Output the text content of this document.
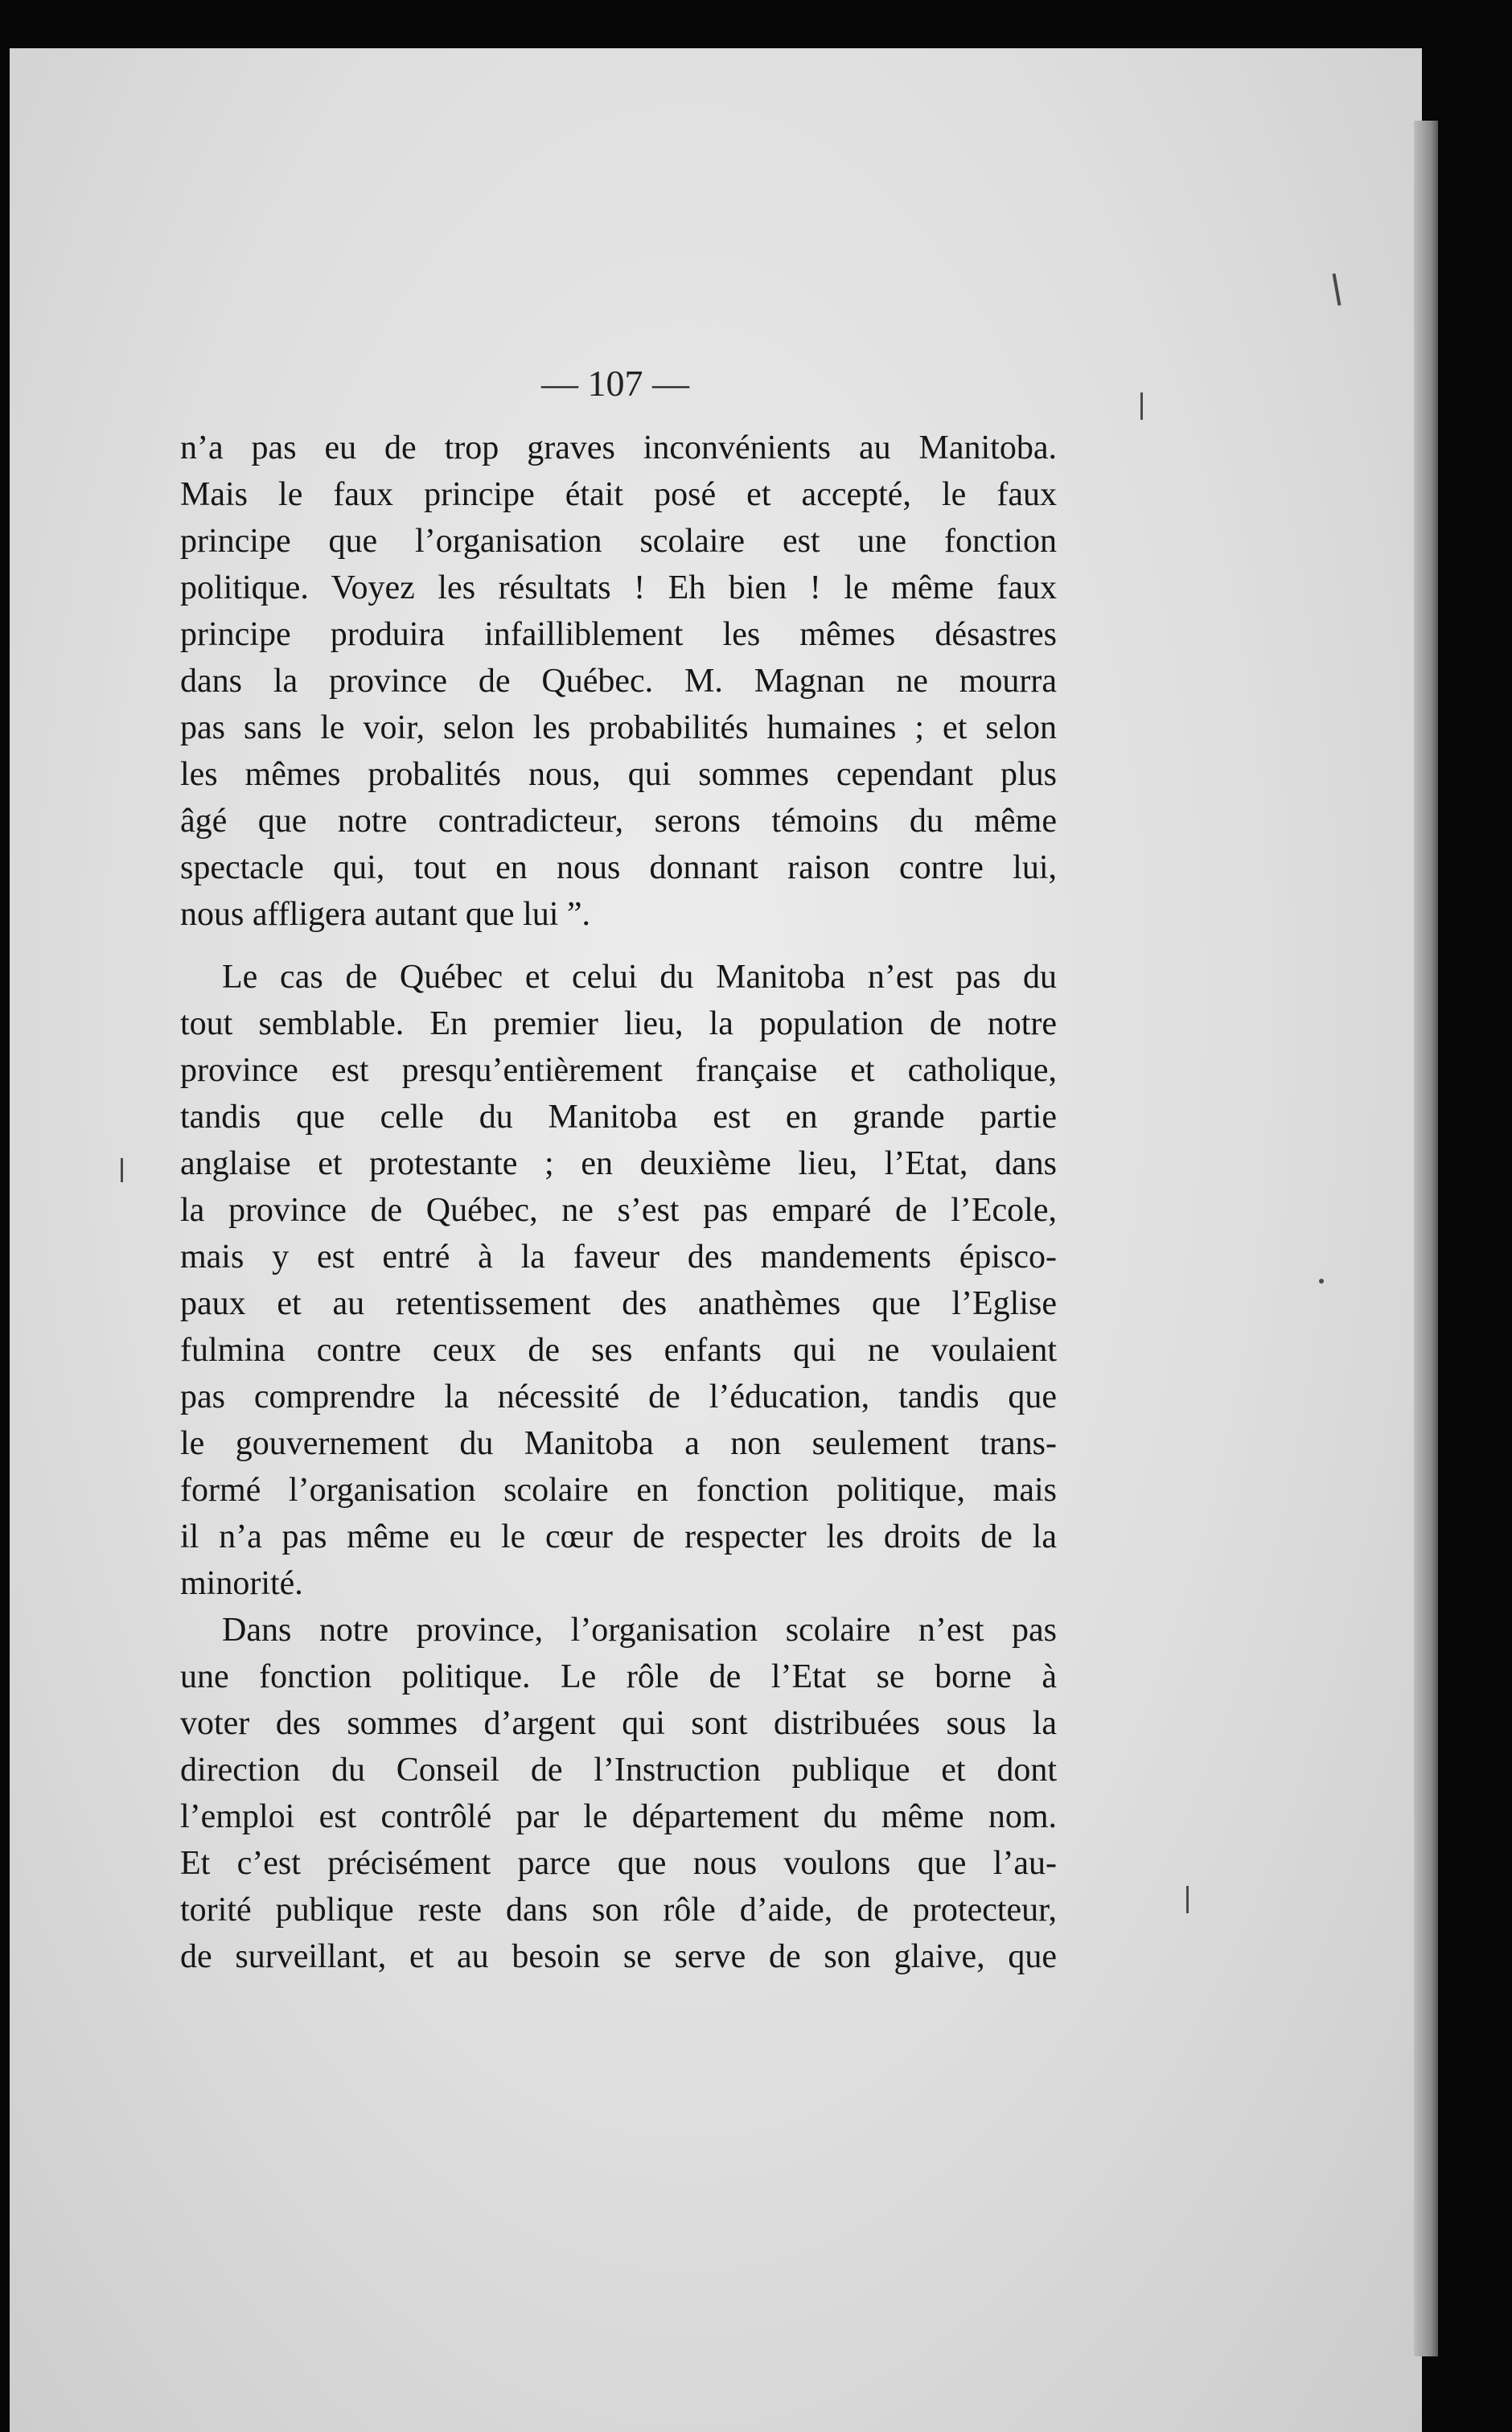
— 107 —
n’a pas eu de trop graves inconvénients au Manitoba.
Mais le faux principe était posé et accepté, le faux
principe que l’organisation scolaire est une fonction
politique. Voyez les résultats ! Eh bien ! le même faux
principe produira infailliblement les mêmes désastres
dans la province de Québec. M. Magnan ne mourra
pas sans le voir, selon les probabilités humaines ; et selon
les mêmes probalités nous, qui sommes cependant plus
âgé que notre contradicteur, serons témoins du même
spectacle qui, tout en nous donnant raison contre lui,
nous affligera autant que lui ”.
Le cas de Québec et celui du Manitoba n’est pas du
tout semblable. En premier lieu, la population de notre
province est presqu’entièrement française et catholique,
tandis que celle du Manitoba est en grande partie
anglaise et protestante ; en deuxième lieu, l’Etat, dans
la province de Québec, ne s’est pas emparé de l’Ecole,
mais y est entré à la faveur des mandements épisco-
paux et au retentissement des anathèmes que l’Eglise
fulmina contre ceux de ses enfants qui ne voulaient
pas comprendre la nécessité de l’éducation, tandis que
le gouvernement du Manitoba a non seulement trans-
formé l’organisation scolaire en fonction politique, mais
il n’a pas même eu le cœur de respecter les droits de la
minorité.
Dans notre province, l’organisation scolaire n’est pas
une fonction politique. Le rôle de l’Etat se borne à
voter des sommes d’argent qui sont distribuées sous la
direction du Conseil de l’Instruction publique et dont
l’emploi est contrôlé par le département du même nom.
Et c’est précisément parce que nous voulons que l’au-
torité publique reste dans son rôle d’aide, de protecteur,
de surveillant, et au besoin se serve de son glaive, que
